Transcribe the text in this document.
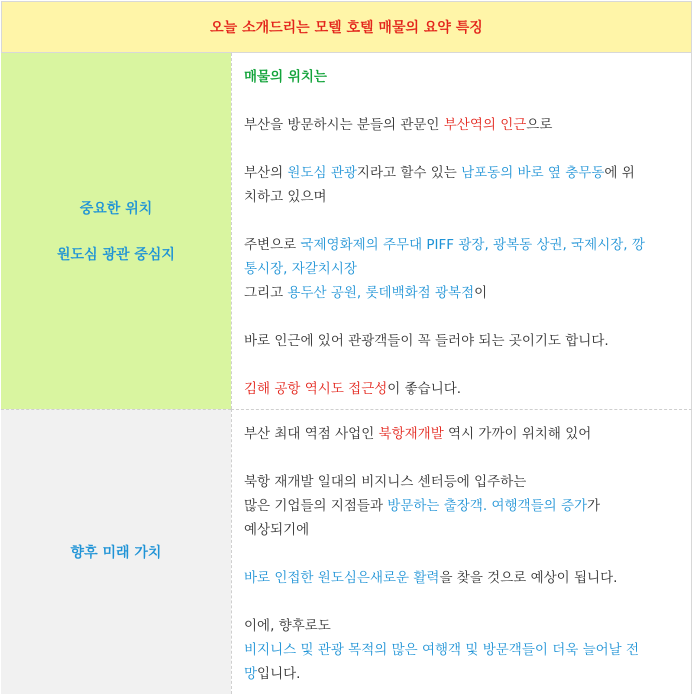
오늘 소개드리는 모텔 호텔 매물의 요약 특징
중요한 위치
원도심 광관 중심지

매물의 위치는

부산을 방문하시는 분들의 관문인 부산역의 인근으로

부산의 원도심 관광지라고 할수 있는 남포동의 바로 옆 충무동에 위

치하고 있으며

주변으로 국제영화제의 주무대 PIFF 광장, 광복동 상권, 국제시장, 깡

통시장, 자갈치시장

그리고 용두산 공원, 롯데백화점 광복점이

바로 인근에 있어 관광객들이 꼭 들러야 되는 곳이기도 합니다.

김해 공항 역시도 접근성이 좋습니다.

향후 미래 가치

부산 최대 역점 사업인 북항재개발 역시 가까이 위치해 있어

북항 재개발 일대의 비지니스 센터등에 입주하는

많은 기업들의 지점들과 방문하는 출장객. 여행객들의 증가가

예상되기에

바로 인접한 원도심은새로운 활력을 찾을 것으로 예상이 됩니다.

이에, 향후로도

비지니스 및 관광 목적의 많은 여행객 및 방문객들이 더욱 늘어날 전

망입니다.
